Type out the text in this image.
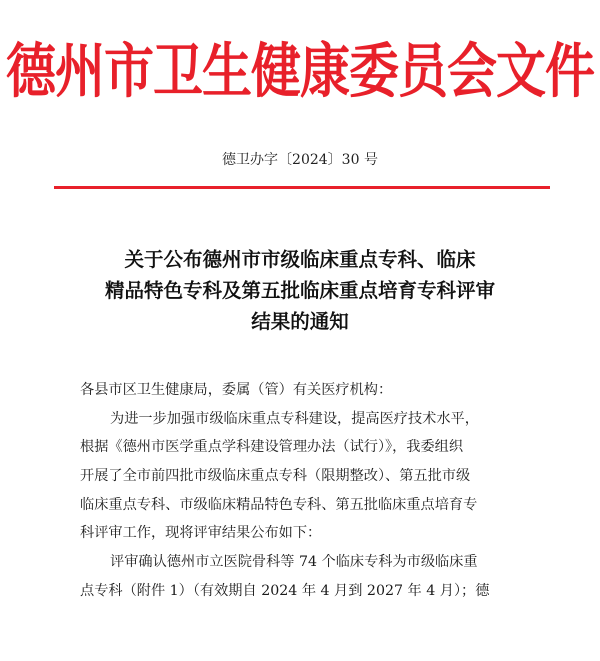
德州市卫生健康委员会文件
德卫办字〔2024〕30 号
关于公布德州市市级临床重点专科、临床
精品特色专科及第五批临床重点培育专科评审
结果的通知
各县市区卫生健康局，委属（管）有关医疗机构：
为进一步加强市级临床重点专科建设，提高医疗技术水平，
根据《德州市医学重点学科建设管理办法（试行）》，我委组织
开展了全市前四批市级临床重点专科（限期整改）、第五批市级
临床重点专科、市级临床精品特色专科、第五批临床重点培育专
科评审工作，现将评审结果公布如下：
评审确认德州市立医院骨科等 74 个临床专科为市级临床重
点专科（附件 1）（有效期自 2024 年 4 月到 2027 年 4 月）；德
